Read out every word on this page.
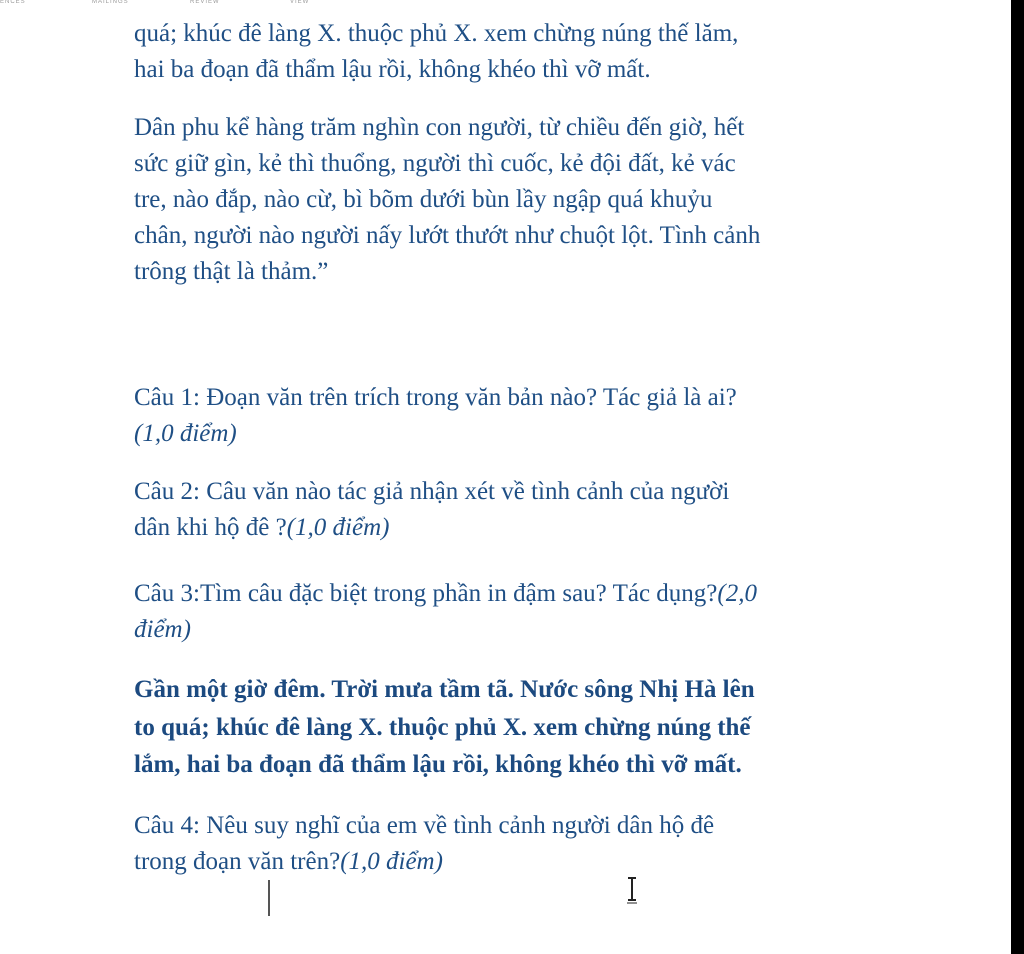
ENCES	MAILINGS	REVIEW	VIEW
quá; khúc đê làng X. thuộc phủ X. xem chừng núng thế lăm,
hai ba đoạn đã thẩm lậu rồi, không khéo thì vỡ mất.
Dân phu kể hàng trăm nghìn con người, từ chiều đến giờ, hết
sức giữ gìn, kẻ thì thuổng, người thì cuốc, kẻ đội đất, kẻ vác
tre, nào đắp, nào cừ, bì bõm dưới bùn lầy ngập quá khuỷu
chân, người nào người nấy lướt thướt như chuột lột. Tình cảnh
trông thật là thảm.”
Câu 1: Đoạn văn trên trích trong văn bản nào? Tác giả là ai?
(1,0 điểm)
Câu 2: Câu văn nào tác giả nhận xét về tình cảnh của người
dân khi hộ đê ?(1,0 điểm)
Câu 3:Tìm câu đặc biệt trong phần in đậm sau? Tác dụng?(2,0
điểm)
Gần một giờ đêm. Trời mưa tầm tã. Nước sông Nhị Hà lên
to quá; khúc đê làng X. thuộc phủ X. xem chừng núng thế
lắm, hai ba đoạn đã thẩm lậu rồi, không khéo thì vỡ mất.
Câu 4: Nêu suy nghĩ của em về tình cảnh người dân hộ đê
trong đoạn văn trên?(1,0 điểm)
